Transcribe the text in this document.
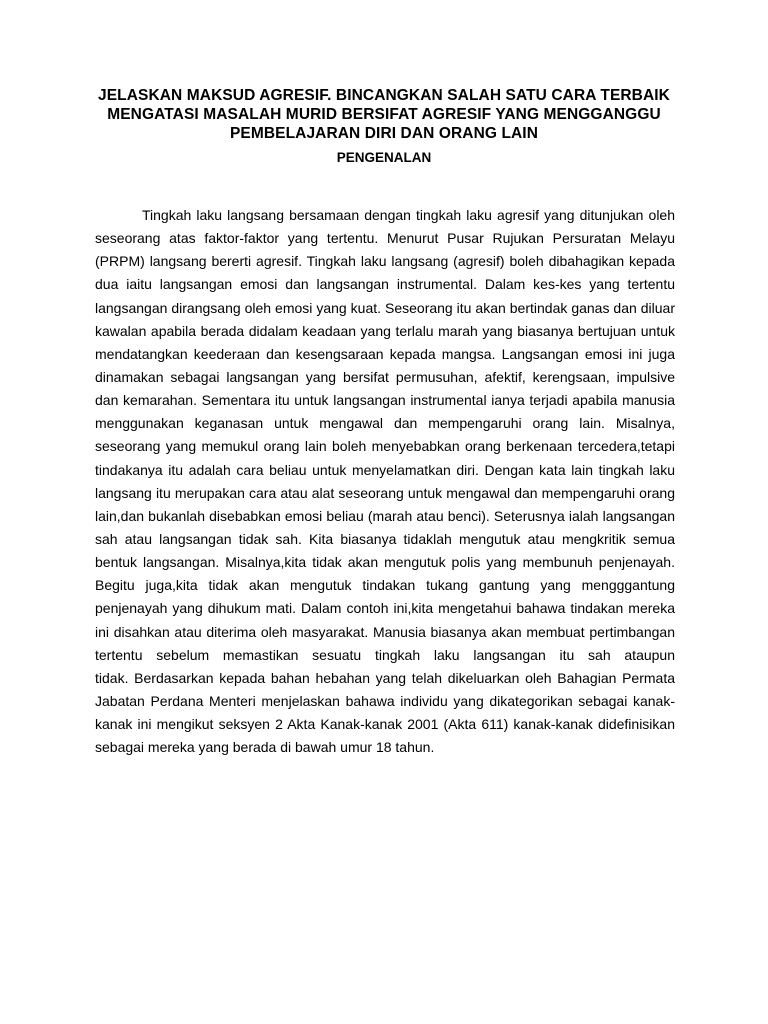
JELASKAN MAKSUD AGRESIF. BINCANGKAN SALAH SATU CARA TERBAIK
MENGATASI MASALAH MURID BERSIFAT AGRESIF YANG MENGGANGGU
PEMBELAJARAN DIRI DAN ORANG LAIN
PENGENALAN
Tingkah laku langsang bersamaan dengan tingkah laku agresif yang ditunjukan oleh
seseorang atas faktor-faktor yang tertentu. Menurut Pusar Rujukan Persuratan Melayu
(PRPM) langsang bererti agresif. Tingkah laku langsang (agresif) boleh dibahagikan kepada
dua iaitu langsangan emosi dan langsangan instrumental. Dalam kes-kes yang tertentu
langsangan dirangsang oleh emosi yang kuat. Seseorang itu akan bertindak ganas dan diluar
kawalan apabila berada didalam keadaan yang terlalu marah yang biasanya bertujuan untuk
mendatangkan keederaan dan kesengsaraan kepada mangsa. Langsangan emosi ini juga
dinamakan sebagai langsangan yang bersifat permusuhan, afektif, kerengsaan, impulsive
dan kemarahan. Sementara itu untuk langsangan instrumental ianya terjadi apabila manusia
menggunakan keganasan untuk mengawal dan mempengaruhi orang lain. Misalnya,
seseorang yang memukul orang lain boleh menyebabkan orang berkenaan tercedera,tetapi
tindakanya itu adalah cara beliau untuk menyelamatkan diri. Dengan kata lain tingkah laku
langsang itu merupakan cara atau alat seseorang untuk mengawal dan mempengaruhi orang
lain,dan bukanlah disebabkan emosi beliau (marah atau benci). Seterusnya ialah langsangan
sah atau langsangan tidak sah. Kita biasanya tidaklah mengutuk atau mengkritik semua
bentuk langsangan. Misalnya,kita tidak akan mengutuk polis yang membunuh penjenayah.
Begitu juga,kita tidak akan mengutuk tindakan tukang gantung yang mengggantung
penjenayah yang dihukum mati. Dalam contoh ini,kita mengetahui bahawa tindakan mereka
ini disahkan atau diterima oleh masyarakat. Manusia biasanya akan membuat pertimbangan
tertentu sebelum memastikan sesuatu tingkah laku langsangan itu sah ataupun
tidak. Berdasarkan kepada bahan hebahan yang telah dikeluarkan oleh Bahagian Permata
Jabatan Perdana Menteri menjelaskan bahawa individu yang dikategorikan sebagai kanak-
kanak ini mengikut seksyen 2 Akta Kanak-kanak 2001 (Akta 611) kanak-kanak didefinisikan
sebagai mereka yang berada di bawah umur 18 tahun.
